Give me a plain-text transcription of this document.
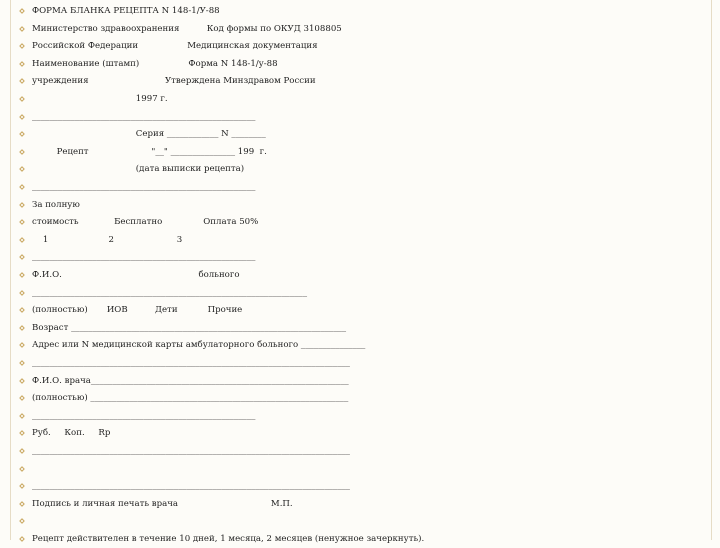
ФОРМА БЛАНКА РЕЦЕПТА N 148-1/У-88
Министерство здравоохранения          Код формы по ОКУД 3108805
Российской Федерации                  Медицинская документация
Наименование (штамп)                  Форма N 148-1/у-88
учреждения                            Утверждена Минздравом России
1997 г.
____________________________________________________
Серия ____________ N ________
Рецепт                       "__" _______________ 199  г.
(дата выписки рецепта)
____________________________________________________
За полную
стоимость             Бесплатно               Оплата 50%
1                      2                       3
____________________________________________________
Ф.И.О.                                                  больного
________________________________________________________________
(полностью)       ИОВ          Дети           Прочие
Возраст ________________________________________________________________
Адрес или N медицинской карты амбулаторного больного _______________
__________________________________________________________________________
Ф.И.О. врача____________________________________________________________
(полностью) ____________________________________________________________
____________________________________________________
Руб.     Коп.     Rp
__________________________________________________________________________
__________________________________________________________________________
Подпись и личная печать врача                                  М.П.
Рецепт действителен в течение 10 дней, 1 месяца, 2 месяцев (ненужное зачеркнуть).
